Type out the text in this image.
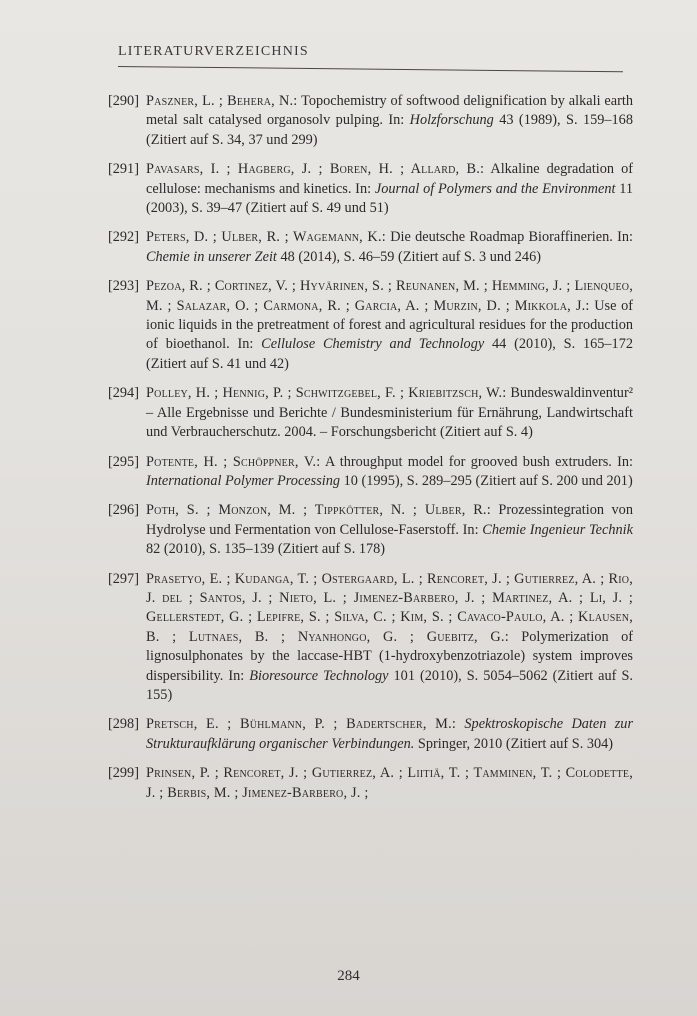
LITERATURVERZEICHNIS
[290] Paszner, L. ; Behera, N.: Topochemistry of softwood delignification by alkali earth metal salt catalysed organosolv pulping. In: Holzforschung 43 (1989), S. 159–168 (Zitiert auf S. 34, 37 und 299)
[291] Pavasars, I. ; Hagberg, J. ; Boren, H. ; Allard, B.: Alkaline degradation of cellulose: mechanisms and kinetics. In: Journal of Polymers and the Environment 11 (2003), S. 39–47 (Zitiert auf S. 49 und 51)
[292] Peters, D. ; Ulber, R. ; Wagemann, K.: Die deutsche Roadmap Bioraffinerien. In: Chemie in unserer Zeit 48 (2014), S. 46–59 (Zitiert auf S. 3 und 246)
[293] Pezoa, R. ; Cortinez, V. ; Hyvärinen, S. ; Reunanen, M. ; Hemming, J. ; Lienqueo, M. ; Salazar, O. ; Carmona, R. ; Garcia, A. ; Murzin, D. ; Mikkola, J.: Use of ionic liquids in the pretreatment of forest and agricultural residues for the production of bioethanol. In: Cellulose Chemistry and Technology 44 (2010), S. 165–172 (Zitiert auf S. 41 und 42)
[294] Polley, H. ; Hennig, P. ; Schwitzgebel, F. ; Kriebitzsch, W.: Bundeswaldinventur² – Alle Ergebnisse und Berichte / Bundesministerium für Ernährung, Landwirtschaft und Verbraucherschutz. 2004. – Forschungsbericht (Zitiert auf S. 4)
[295] Potente, H. ; Schöppner, V.: A throughput model for grooved bush extruders. In: International Polymer Processing 10 (1995), S. 289–295 (Zitiert auf S. 200 und 201)
[296] Poth, S. ; Monzon, M. ; Tippkötter, N. ; Ulber, R.: Prozessintegration von Hydrolyse und Fermentation von Cellulose-Faserstoff. In: Chemie Ingenieur Technik 82 (2010), S. 135–139 (Zitiert auf S. 178)
[297] Prasetyo, E. ; Kudanga, T. ; Ostergaard, L. ; Rencoret, J. ; Gutierrez, A. ; Rio, J. del ; Santos, J. ; Nieto, L. ; Jimenez-Barbero, J. ; Martinez, A. ; Li, J. ; Gellerstedt, G. ; Lepifre, S. ; Silva, C. ; Kim, S. ; Cavaco-Paulo, A. ; Klausen, B. ; Lutnaes, B. ; Nyanhongo, G. ; Guebitz, G.: Polymerization of lignosulphonates by the laccase-HBT (1-hydroxybenzotriazole) system improves dispersibility. In: Bioresource Technology 101 (2010), S. 5054–5062 (Zitiert auf S. 155)
[298] Pretsch, E. ; Bühlmann, P. ; Badertscher, M.: Spektroskopische Daten zur Strukturaufklärung organischer Verbindungen. Springer, 2010 (Zitiert auf S. 304)
[299] Prinsen, P. ; Rencoret, J. ; Gutierrez, A. ; Liitiä, T. ; Tamminen, T. ; Colodette, J. ; Berbis, M. ; Jimenez-Barbero, J. ;
284
